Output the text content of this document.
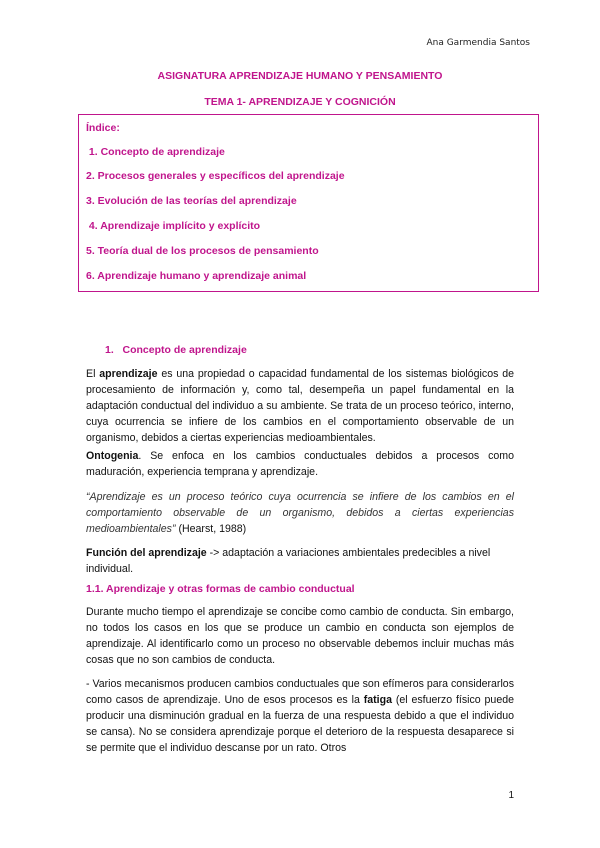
Ana Garmendia Santos
ASIGNATURA APRENDIZAJE HUMANO Y PENSAMIENTO
TEMA 1- APRENDIZAJE Y COGNICIÓN
Índice:
1. Concepto de aprendizaje
2. Procesos generales y específicos del aprendizaje
3. Evolución de las teorías del aprendizaje
4. Aprendizaje implícito y explícito
5. Teoría dual de los procesos de pensamiento
6. Aprendizaje humano y aprendizaje animal
1.   Concepto de aprendizaje
El aprendizaje es una propiedad o capacidad fundamental de los sistemas biológicos de procesamiento de información y, como tal, desempeña un papel fundamental en la adaptación conductual del individuo a su ambiente. Se trata de un proceso teórico, interno, cuya ocurrencia se infiere de los cambios en el comportamiento observable de un organismo, debidos a ciertas experiencias medioambientales.
Ontogenia. Se enfoca en los cambios conductuales debidos a procesos como maduración, experiencia temprana y aprendizaje.
“Aprendizaje es un proceso teórico cuya ocurrencia se infiere de los cambios en el comportamiento observable de un organismo, debidos a ciertas experiencias medioambientales” (Hearst, 1988)
Función del aprendizaje -> adaptación a variaciones ambientales predecibles a nivel individual.
1.1. Aprendizaje y otras formas de cambio conductual
Durante mucho tiempo el aprendizaje se concibe como cambio de conducta. Sin embargo, no todos los casos en los que se produce un cambio en conducta son ejemplos de aprendizaje. Al identificarlo como un proceso no observable debemos incluir muchas más cosas que no son cambios de conducta.
- Varios mecanismos producen cambios conductuales que son efímeros para considerarlos como casos de aprendizaje. Uno de esos procesos es la fatiga (el esfuerzo físico puede producir una disminución gradual en la fuerza de una respuesta debido a que el individuo se cansa). No se considera aprendizaje porque el deterioro de la respuesta desaparece si se permite que el individuo descanse por un rato. Otros
1
